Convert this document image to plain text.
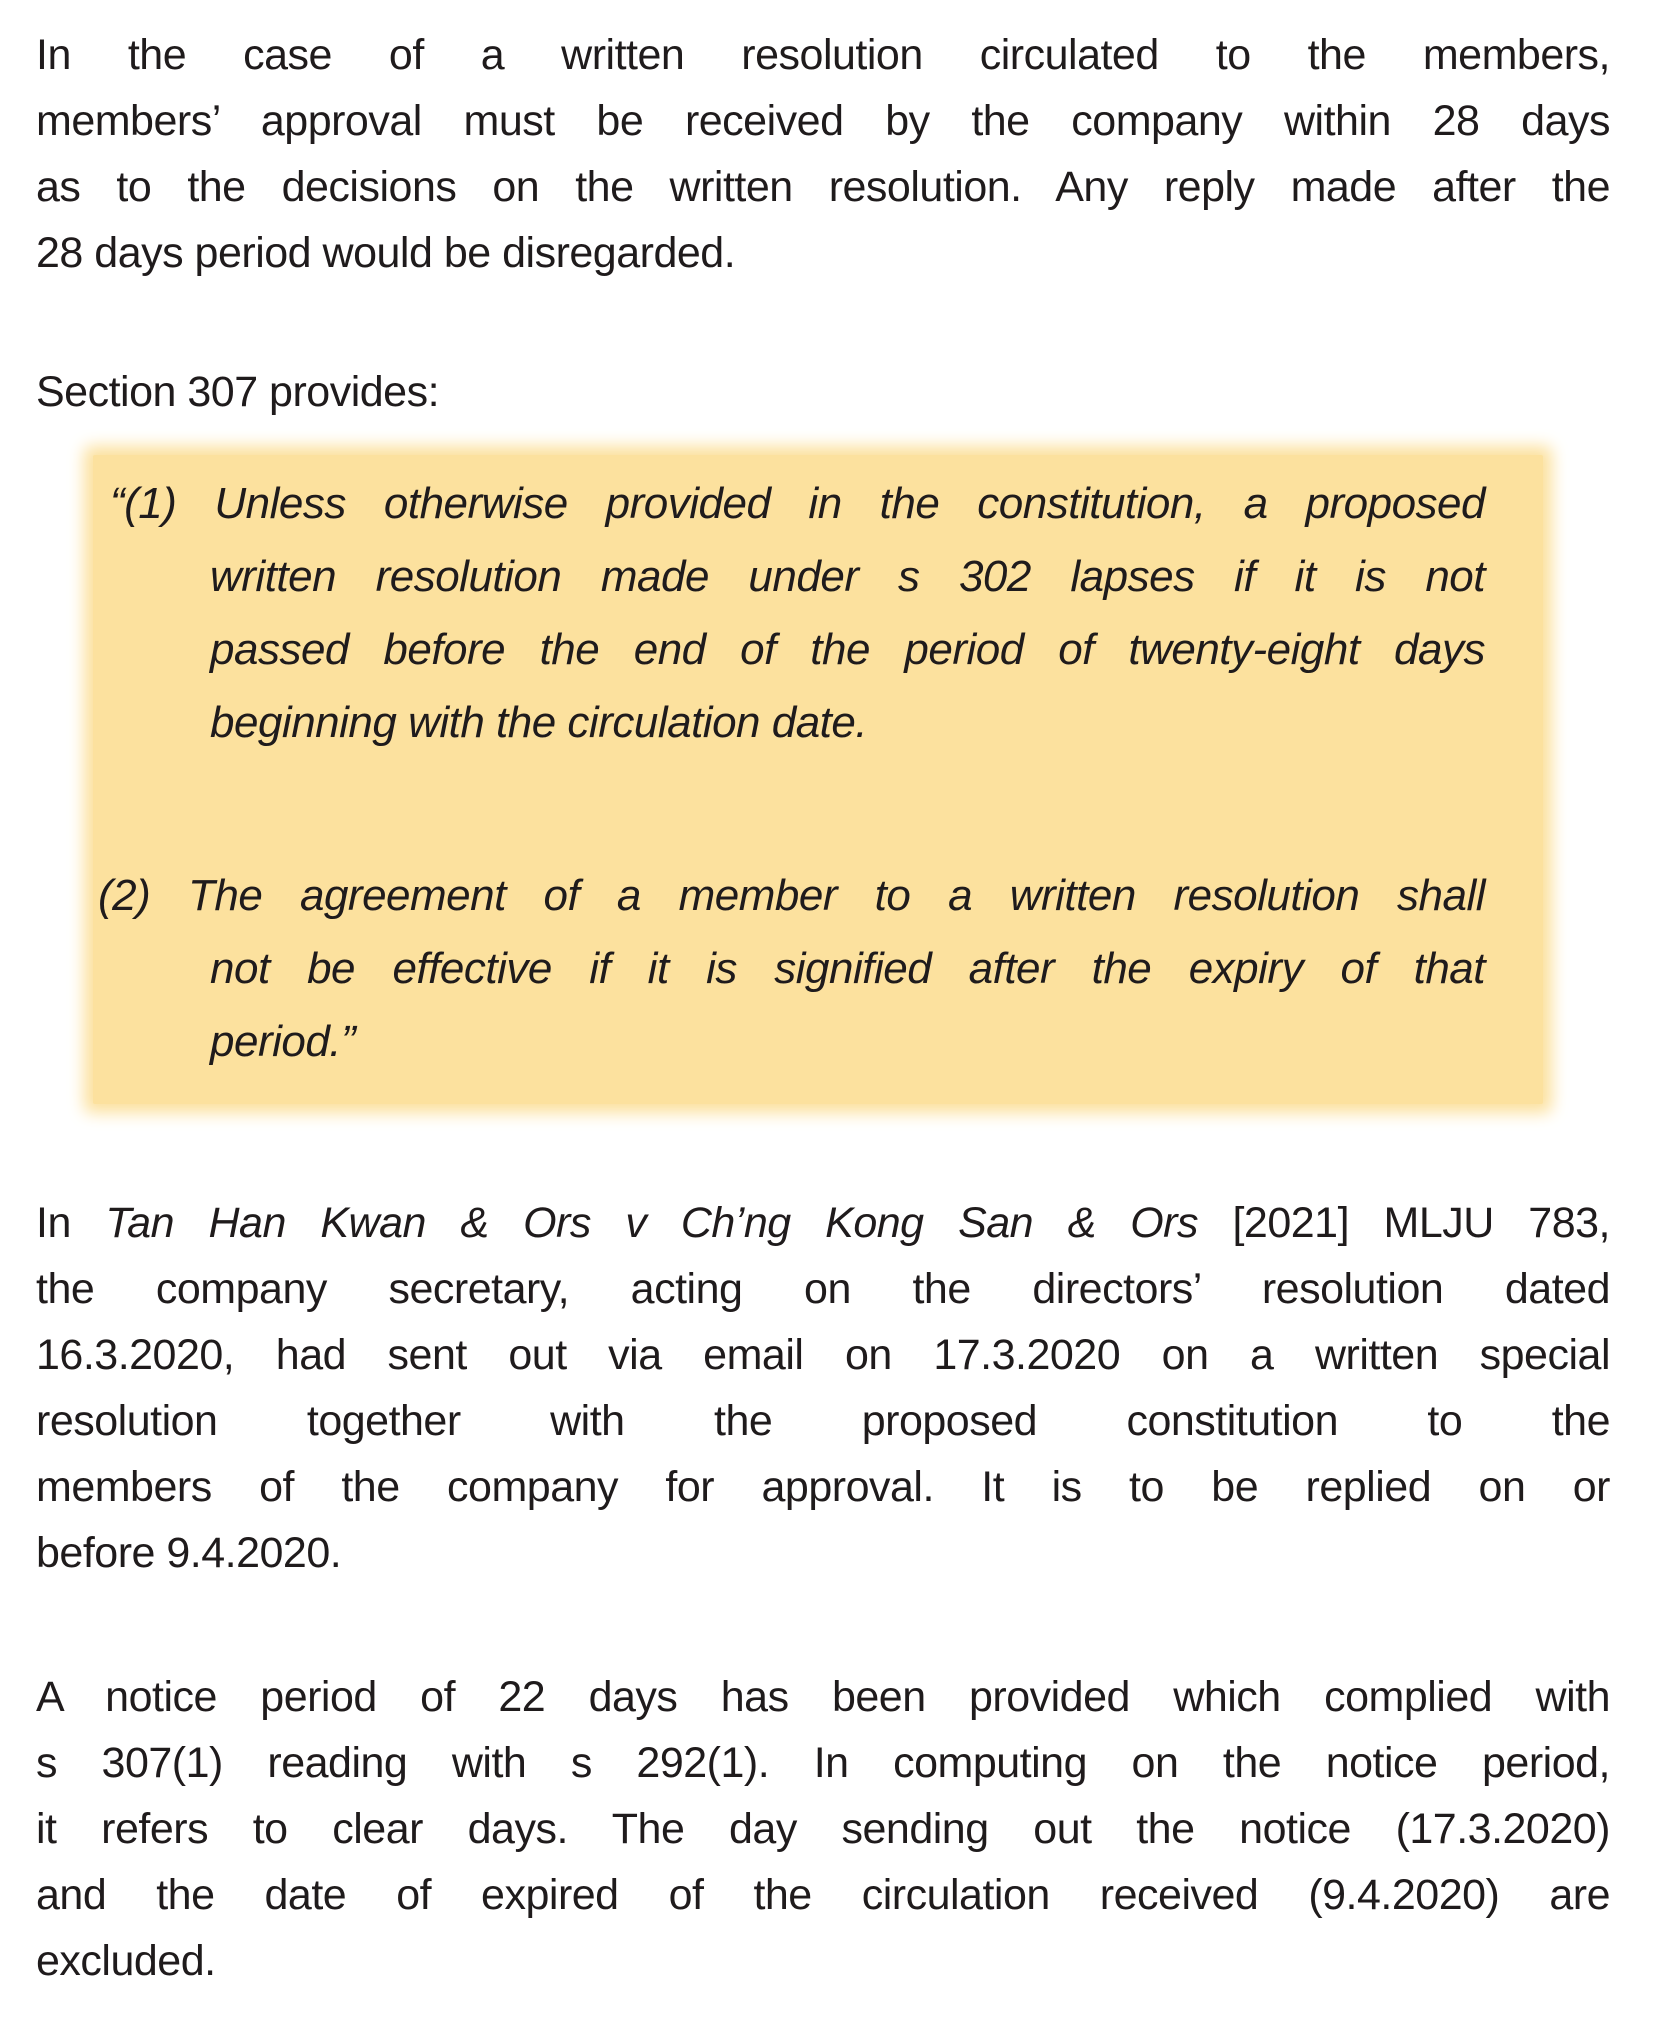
In the case of a written resolution circulated to the members,
members’ approval must be received by the company within 28 days
as to the decisions on the written resolution. Any reply made after the
28 days period would be disregarded.
Section 307 provides:
“(1) Unless otherwise provided in the constitution, a proposed
written resolution made under s 302 lapses if it is not
passed before the end of the period of twenty-eight days
beginning with the circulation date.
(2) The agreement of a member to a written resolution shall
not be effective if it is signified after the expiry of that
period.”
In Tan Han Kwan & Ors v Ch’ng Kong San & Ors [2021] MLJU 783,
the company secretary, acting on the directors’ resolution dated
16.3.2020, had sent out via email on 17.3.2020 on a written special
resolution together with the proposed constitution to the
members of the company for approval. It is to be replied on or
before 9.4.2020.
A notice period of 22 days has been provided which complied with
s 307(1) reading with s 292(1). In computing on the notice period,
it refers to clear days. The day sending out the notice (17.3.2020)
and the date of expired of the circulation received (9.4.2020) are
excluded.
